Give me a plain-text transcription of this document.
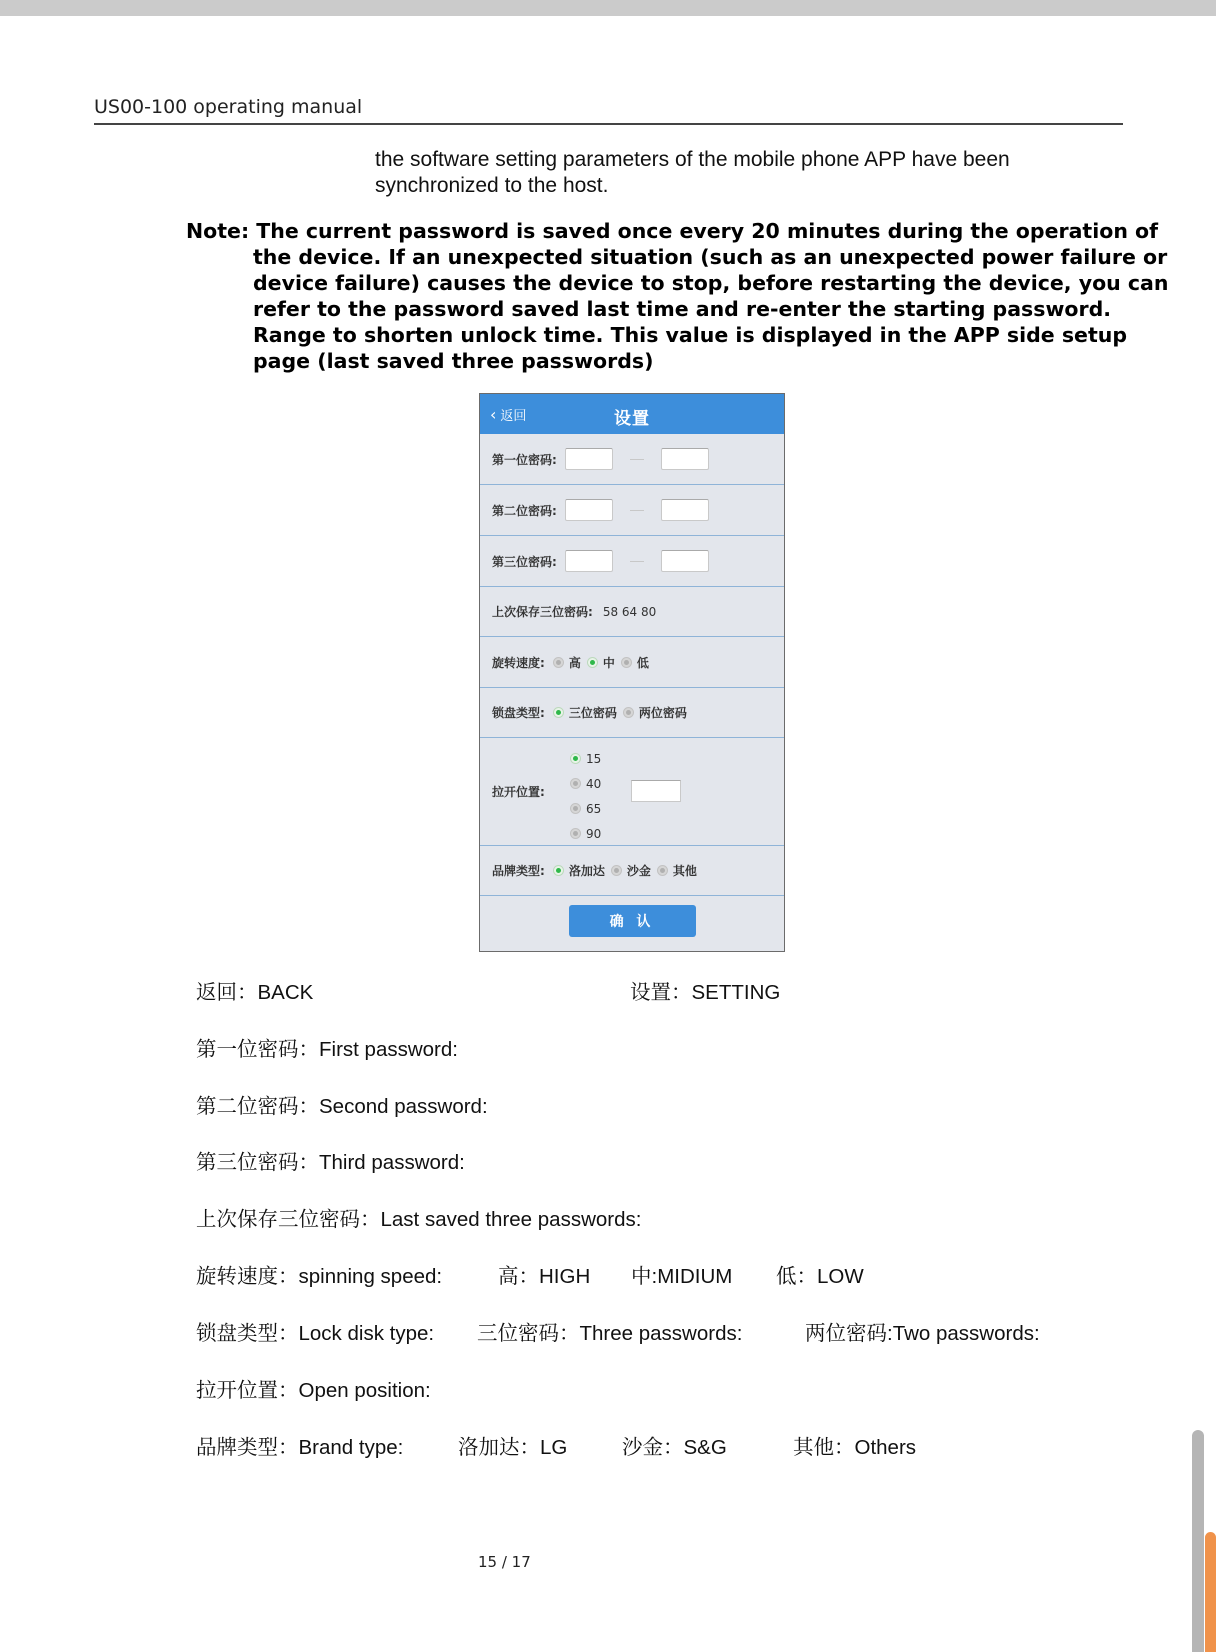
US00-100 operating manual
the software setting parameters of the mobile phone APP have been synchronized to the host.
Note: The current password is saved once every 20 minutes during the operation of the device. If an unexpected situation (such as an unexpected power failure or device failure) causes the device to stop, before restarting the device, you can refer to the password saved last time and re-enter the starting password. Range to shorten unlock time. This value is displayed in the APP side setup page (last saved three passwords)
‹ 返回	设置
第一位密码:
第二位密码:
第三位密码:
上次保存三位密码: 58 64 80
旋转速度: 高 中 低
锁盘类型: 三位密码 两位密码
拉开位置:
15
40
65
90
品牌类型: 洛加达 沙金 其他
确 认
返回：BACK	设置：SETTING
第一位密码：First password:
第二位密码：Second password:
第三位密码：Third password:
上次保存三位密码：Last saved three passwords:
旋转速度：spinning speed:	高：HIGH 中:MIDIUM 低：LOW
锁盘类型：Lock disk type: 三位密码：Three passwords:	两位密码:Two passwords:
拉开位置：Open position:
品牌类型：Brand type:	洛加达：LG	沙金：S&G	其他：Others
15 / 17
